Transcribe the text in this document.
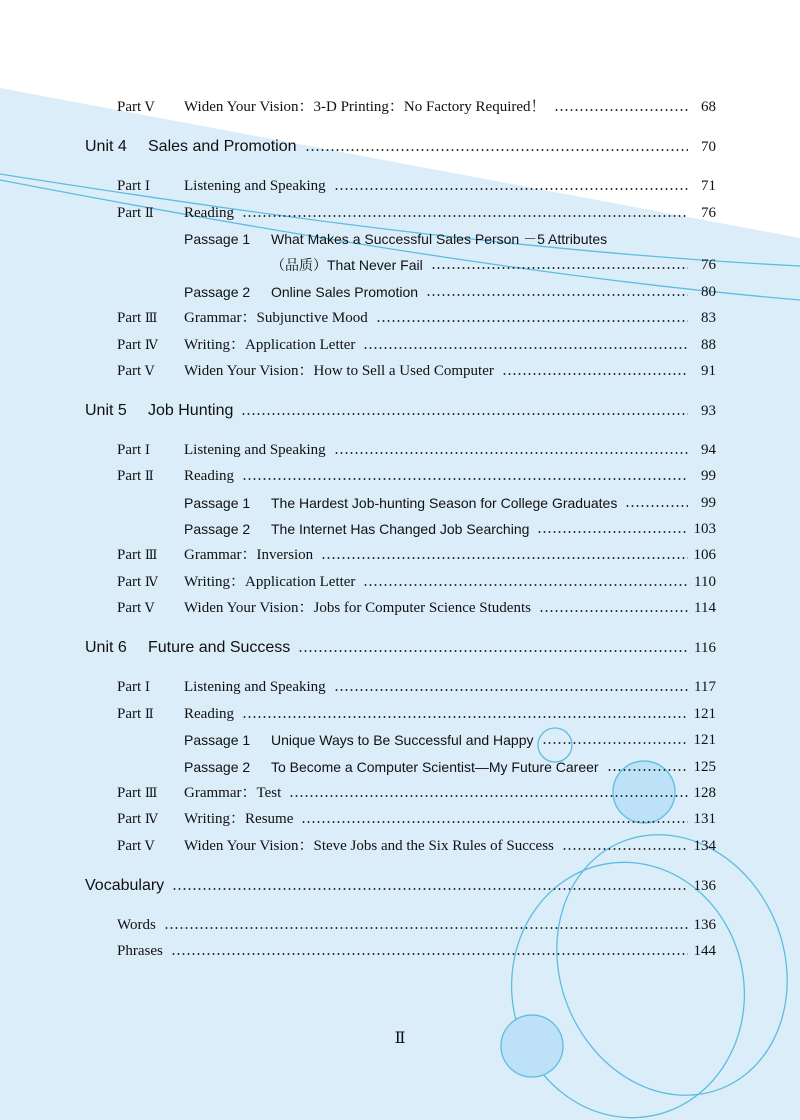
Part Ⅴ Widen Your Vision：3-D Printing：No Factory Required！	68
Unit 4 Sales and Promotion	70
Part Ⅰ Listening and Speaking	71
Part Ⅱ Reading	76
Passage 1 What Makes a Successful Sales Person －5 Attributes
（品质）That Never Fail	76
Passage 2 Online Sales Promotion	80
Part Ⅲ Grammar：Subjunctive Mood	83
Part Ⅳ Writing：Application Letter	88
Part Ⅴ Widen Your Vision：How to Sell a Used Computer	91
Unit 5 Job Hunting	93
Part Ⅰ Listening and Speaking	94
Part Ⅱ Reading	99
Passage 1 The Hardest Job-hunting Season for College Graduates	99
Passage 2 The Internet Has Changed Job Searching	103
Part Ⅲ Grammar：Inversion	106
Part Ⅳ Writing：Application Letter	110
Part Ⅴ Widen Your Vision：Jobs for Computer Science Students	114
Unit 6 Future and Success	116
Part Ⅰ Listening and Speaking	117
Part Ⅱ Reading	121
Passage 1 Unique Ways to Be Successful and Happy	121
Passage 2 To Become a Computer Scientist—My Future Career	125
Part Ⅲ Grammar：Test	128
Part Ⅳ Writing：Resume	131
Part Ⅴ Widen Your Vision：Steve Jobs and the Six Rules of Success	134
Vocabulary	136
Words	136
Phrases	144
Ⅱ
